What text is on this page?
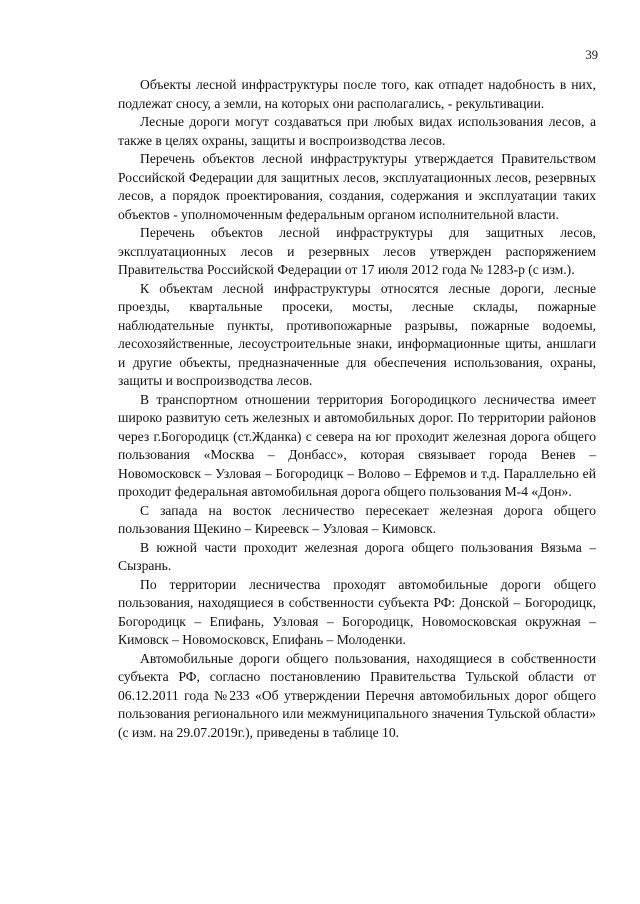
39

Объекты лесной инфраструктуры после того, как отпадет надобность в них, подлежат сносу, а земли, на которых они располагались, - рекультивации.

Лесные дороги могут создаваться при любых видах использования лесов, а также в целях охраны, защиты и воспроизводства лесов.

Перечень объектов лесной инфраструктуры утверждается Правительством Российской Федерации для защитных лесов, эксплуатационных лесов, резервных лесов, а порядок проектирования, создания, содержания и эксплуатации таких объектов - уполномоченным федеральным органом исполнительной власти.

Перечень объектов лесной инфраструктуры для защитных лесов, эксплуатационных лесов и резервных лесов утвержден распоряжением Правительства Российской Федерации от 17 июля 2012 года № 1283-р (с изм.).

К объектам лесной инфраструктуры относятся лесные дороги, лесные проезды, квартальные просеки, мосты, лесные склады, пожарные наблюдательные пункты, противопожарные разрывы, пожарные водоемы, лесохозяйственные, лесоустроительные знаки, информационные щиты, аншлаги и другие объекты, предназначенные для обеспечения использования, охраны, защиты и воспроизводства лесов.

В транспортном отношении территория Богородицкого лесничества имеет широко развитую сеть железных и автомобильных дорог. По территории районов через г.Богородицк (ст.Жданка) с севера на юг проходит железная дорога общего пользования «Москва – Донбасс», которая связывает города Венев – Новомосковск – Узловая – Богородицк – Волово – Ефремов и т.д. Параллельно ей проходит федеральная автомобильная дорога общего пользования М-4 «Дон».

С запада на восток лесничество пересекает железная дорога общего пользования Щекино – Киреевск – Узловая – Кимовск.

В южной части проходит железная дорога общего пользования Вязьма – Сызрань.

По территории лесничества проходят автомобильные дороги общего пользования, находящиеся в собственности субъекта РФ: Донской – Богородицк, Богородицк – Епифань, Узловая – Богородицк, Новомосковская окружная – Кимовск – Новомосковск, Епифань – Молоденки.

Автомобильные дороги общего пользования, находящиеся в собственности субъекта РФ, согласно постановлению Правительства Тульской области от 06.12.2011 года №233 «Об утверждении Перечня автомобильных дорог общего пользования регионального или межмуниципального значения Тульской области» (с изм. на 29.07.2019г.), приведены в таблице 10.
